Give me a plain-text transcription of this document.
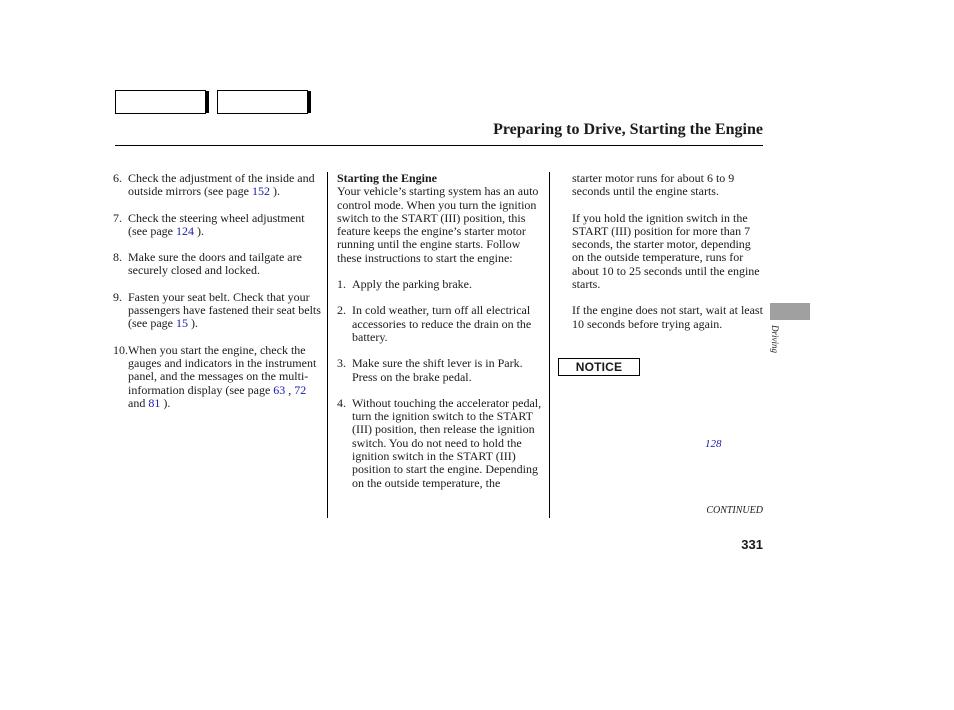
Preparing to Drive, Starting the Engine
6. Check the adjustment of the inside and outside mirrors (see page 152 ).
7. Check the steering wheel adjustment (see page 124 ).
8. Make sure the doors and tailgate are securely closed and locked.
9. Fasten your seat belt. Check that your passengers have fastened their seat belts (see page 15 ).
10. When you start the engine, check the gauges and indicators in the instrument panel, and the messages on the multi-information display (see page 63 , 72 and 81 ).

Starting the Engine

Your vehicle’s starting system has an auto control mode. When you turn the ignition switch to the START (III) position, this feature keeps the engine’s starter motor running until the engine starts. Follow these instructions to start the engine:

1. Apply the parking brake.
2. In cold weather, turn off all electrical accessories to reduce the drain on the battery.
3. Make sure the shift lever is in Park. Press on the brake pedal.
4. Without touching the accelerator pedal, turn the ignition switch to the START (III) position, then release the ignition switch. You do not need to hold the ignition switch in the START (III) position to start the engine. Depending on the outside temperature, the

starter motor runs for about 6 to 9 seconds until the engine starts.

If you hold the ignition switch in the START (III) position for more than 7 seconds, the starter motor, depending on the outside temperature, runs for about 10 to 25 seconds until the engine starts.

If the engine does not start, wait at least 10 seconds before trying again.

NOTICE
128
CONTINUED
331
Driving
